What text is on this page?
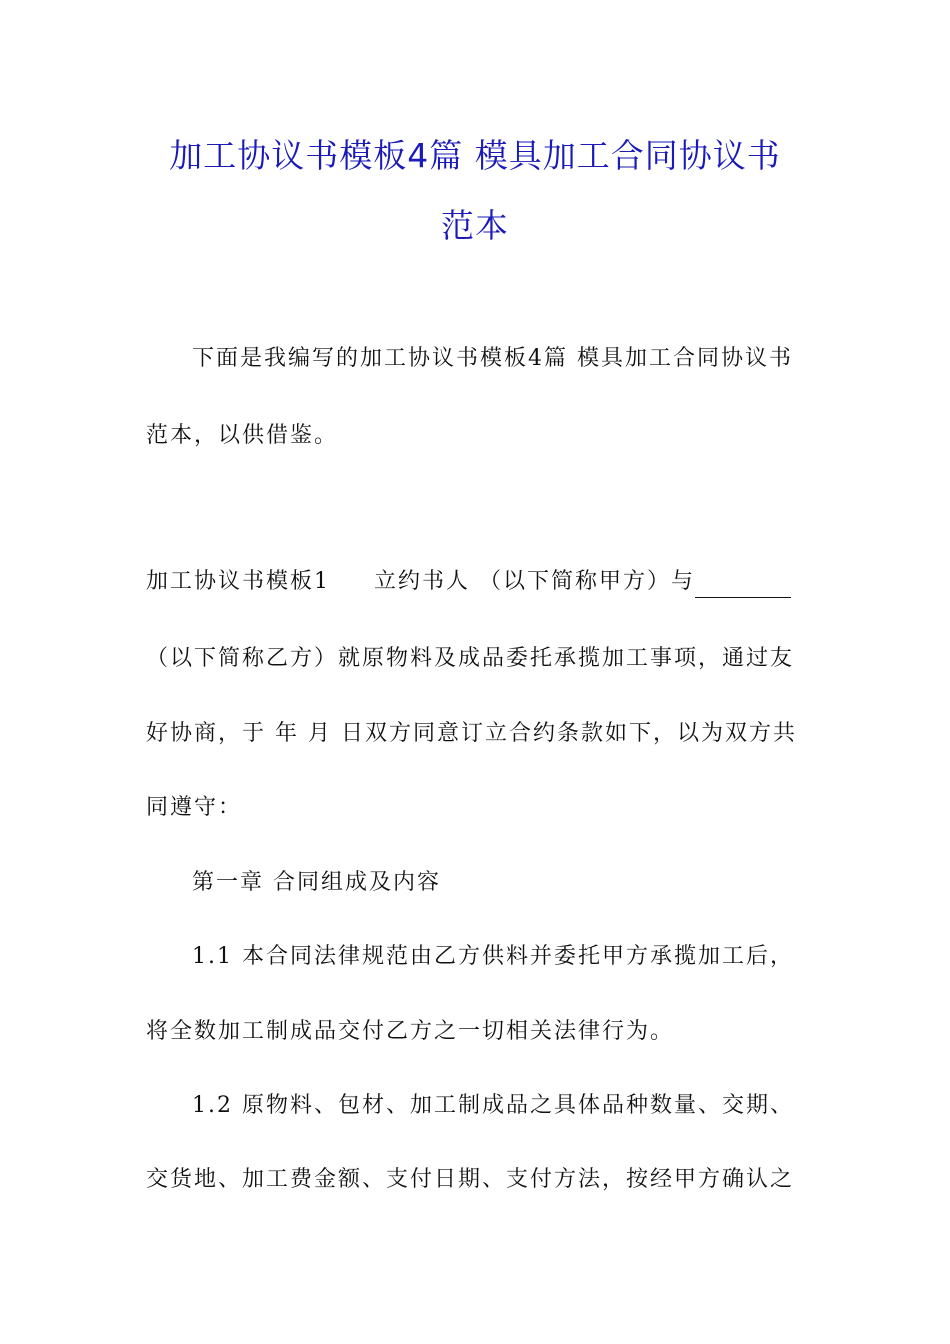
加工协议书模板4篇 模具加工合同协议书
范本
下面是我编写的加工协议书模板4篇 模具加工合同协议书
范本，以供借鉴。
加工协议书模板1 立约书人 （以下简称甲方）与
（以下简称乙方）就原物料及成品委托承揽加工事项，通过友
好协商，于 年 月 日双方同意订立合约条款如下，以为双方共
同遵守：
第一章 合同组成及内容
1.1 本合同法律规范由乙方供料并委托甲方承揽加工后，
将全数加工制成品交付乙方之一切相关法律行为。
1.2 原物料、包材、加工制成品之具体品种数量、交期、
交货地、加工费金额、支付日期、支付方法，按经甲方确认之
